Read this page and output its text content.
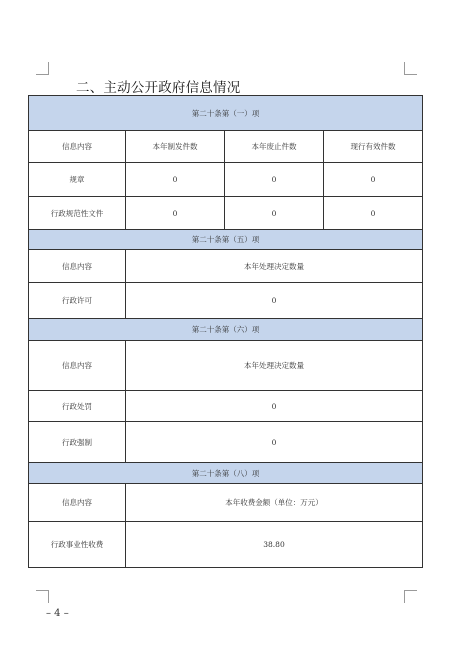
二、主动公开政府信息情况
第二十条第（一）项			
信息内容	本年制发件数	本年废止件数	现行有效件数
规章	0	0	0
行政规范性文件	0	0	0
第二十条第（五）项			
信息内容	本年处理决定数量		
行政许可	0		
第二十条第（六）项			
信息内容	本年处理决定数量		
行政处罚	0		
行政强制	0		
第二十条第（八）项			
信息内容	本年收费金额（单位：万元）		
行政事业性收费	38.80		
– 4 –
